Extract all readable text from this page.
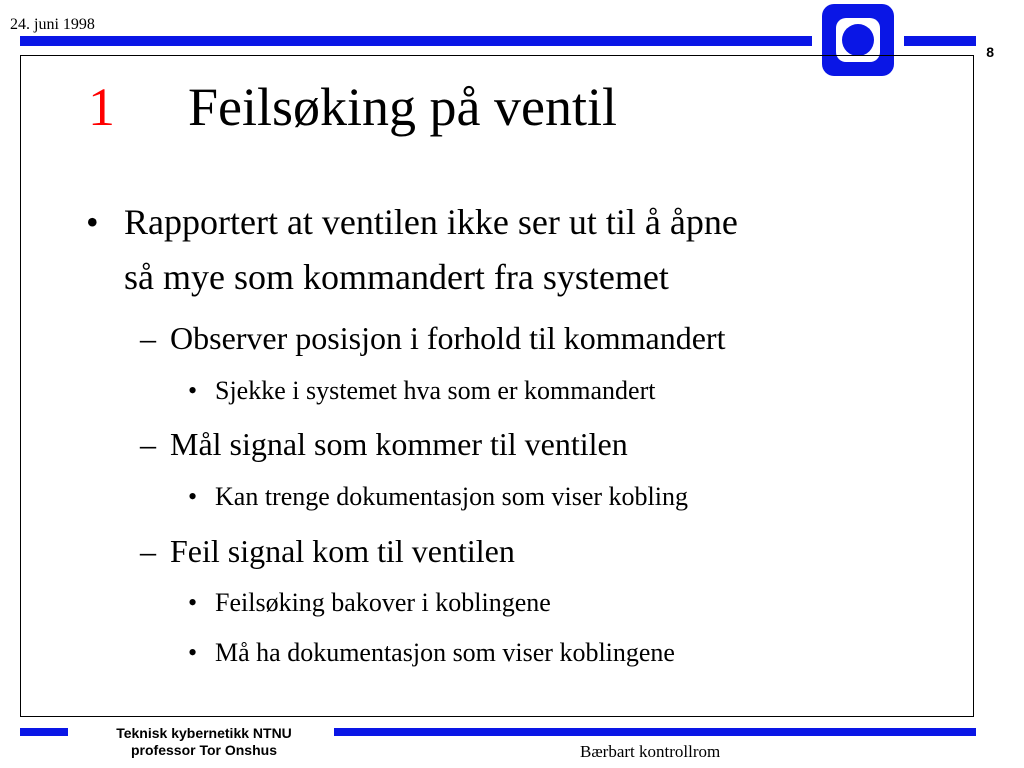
24. juni 1998
8
1 Feilsøking på ventil
• Rapportert at ventilen ikke ser ut til å åpne
så mye som kommandert fra systemet
– Observer posisjon i forhold til kommandert
• Sjekke i systemet hva som er kommandert
– Mål signal som kommer til ventilen
• Kan trenge dokumentasjon som viser kobling
– Feil signal kom til ventilen
• Feilsøking bakover i koblingene
• Må ha dokumentasjon som viser koblingene
Teknisk kybernetikk NTNU
professor Tor Onshus	Bærbart kontrollrom
